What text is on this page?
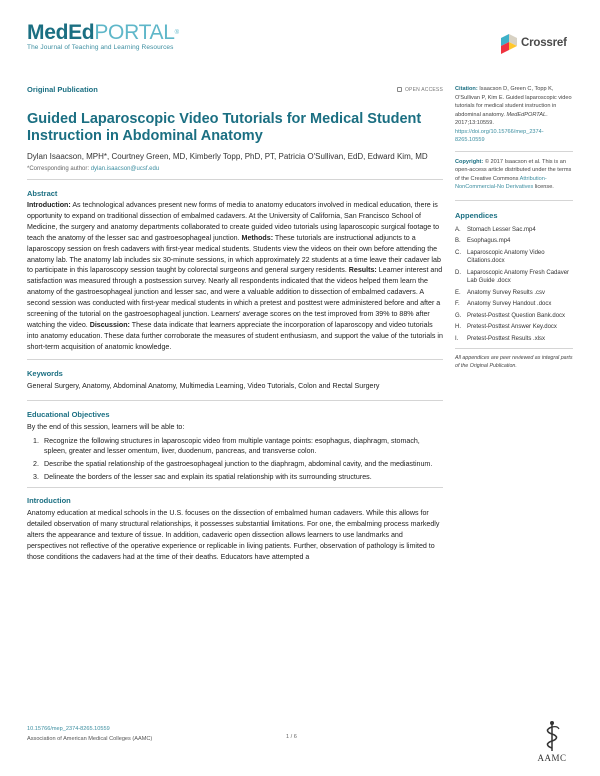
MedEdPORTAL®
The Journal of Teaching and Learning Resources	Crossref
Original Publication	OPEN ACCESS
Guided Laparoscopic Video Tutorials for Medical Student Instruction in Abdominal Anatomy
Dylan Isaacson, MPH*, Courtney Green, MD, Kimberly Topp, PhD, PT, Patricia O'Sullivan, EdD, Edward Kim, MD
*Corresponding author: dylan.isaacson@ucsf.edu
Abstract

Introduction: As technological advances present new forms of media to anatomy educators involved in medical education, there is opportunity to expand on traditional dissection of embalmed cadavers. At the University of California, San Francisco School of Medicine, the surgery and anatomy departments collaborated to create guided video tutorials using laparoscopic surgical footage to teach the anatomy of the lesser sac and gastroesophageal junction. Methods: These tutorials are instructional adjuncts to a laparoscopy session on fresh cadavers with first-year medical students. Students view the videos on their own before attending the anatomy lab. The anatomy lab includes six 30-minute sessions, in which approximately 22 students at a time leave their cadaver lab to participate in this laparoscopy session taught by colorectal surgeons and general surgery residents. Results: Learner interest and satisfaction was measured through a postsession survey. Nearly all respondents indicated that the videos helped them learn the anatomy of the gastroesophageal junction and lesser sac, and were a valuable addition to dissection of embalmed cadavers. A second session was conducted with first-year medical students in which a pretest and posttest were administered before and after a screening of the tutorial on the gastroesophageal junction. Learners' average scores on the test improved from 39% to 88% after watching the video. Discussion: These data indicate that learners appreciate the incorporation of laparoscopy and video tutorials into anatomy education. These data further corroborate the measures of student enthusiasm, and support the value of the tutorials in short-term acquisition of anatomic knowledge.

Keywords

General Surgery, Anatomy, Abdominal Anatomy, Multimedia Learning, Video Tutorials, Colon and Rectal Surgery

Educational Objectives

By the end of this session, learners will be able to:

1. Recognize the following structures in laparoscopic video from multiple vantage points: esophagus, diaphragm, stomach, spleen, greater and lesser omentum, liver, duodenum, pancreas, and transverse colon.
2. Describe the spatial relationship of the gastroesophageal junction to the diaphragm, abdominal cavity, and the mediastinum.
3. Delineate the borders of the lesser sac and explain its spatial relationship with its surrounding structures.
Introduction

Anatomy education at medical schools in the U.S. focuses on the dissection of embalmed human cadavers. While this allows for detailed observation of many structural relationships, it possesses substantial limitations. For one, the embalming process markedly alters the appearance and texture of tissue. In addition, cadaveric open dissection allows learners to use landmarks and perspectives not reflective of the operative experience or replicable in living patients. Further, observation of pathology is limited to those conditions the cadavers had at the time of their deaths. Educators have attempted a

Citation: Isaacson D, Green C, Topp K, O'Sullivan P, Kim E. Guided laparoscopic video tutorials for medical student instruction in abdominal anatomy. MedEdPORTAL. 2017;13:10559. https://doi.org/10.15766/mep_2374-8265.10559

Copyright: © 2017 Isaacson et al. This is an open-access article distributed under the terms of the Creative Commons Attribution-NonCommercial-No Derivatives license.

Appendices
A. Stomach Lesser Sac.mp4
B. Esophagus.mp4
C. Laparoscopic Anatomy Video Citations.docx
D. Laparoscopic Anatomy Fresh Cadaver Lab Guide .docx
E. Anatomy Survey Results .csv
F. Anatomy Survey Handout .docx
G. Pretest-Posttest Question Bank.docx
H. Pretest-Posttest Answer Key.docx
I. Pretest-Posttest Results .xlsx

All appendices are peer reviewed as integral parts of the Original Publication.

10.15766/mep_2374-8265.10559
Association of American Medical Colleges (AAMC)	1 / 6
AAMC
